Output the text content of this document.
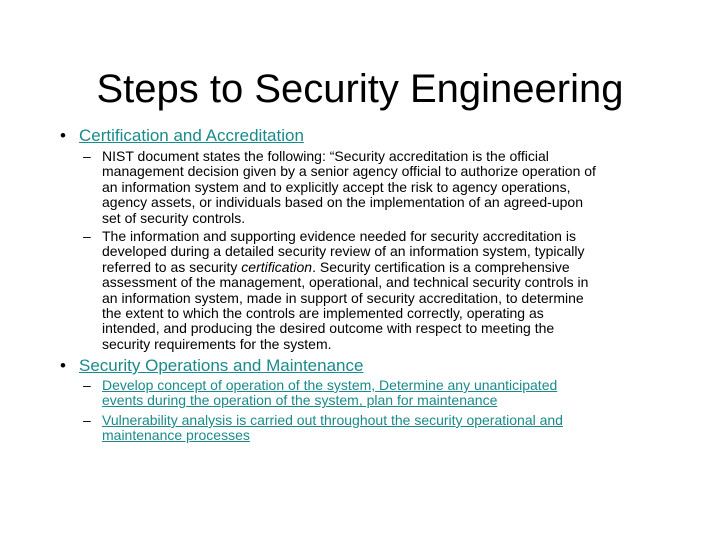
Steps to Security Engineering
• Certification and Accreditation
– NIST document states the following: “Security accreditation is the official
management decision given by a senior agency official to authorize operation of
an information system and to explicitly accept the risk to agency operations,
agency assets, or individuals based on the implementation of an agreed-upon
set of security controls.
– The information and supporting evidence needed for security accreditation is
developed during a detailed security review of an information system, typically
referred to as security certification. Security certification is a comprehensive
assessment of the management, operational, and technical security controls in
an information system, made in support of security accreditation, to determine
the extent to which the controls are implemented correctly, operating as
intended, and producing the desired outcome with respect to meeting the
security requirements for the system.
• Security Operations and Maintenance
– Develop concept of operation of the system, Determine any unanticipated
events during the operation of the system, plan for maintenance
– Vulnerability analysis is carried out throughout the security operational and
maintenance processes
